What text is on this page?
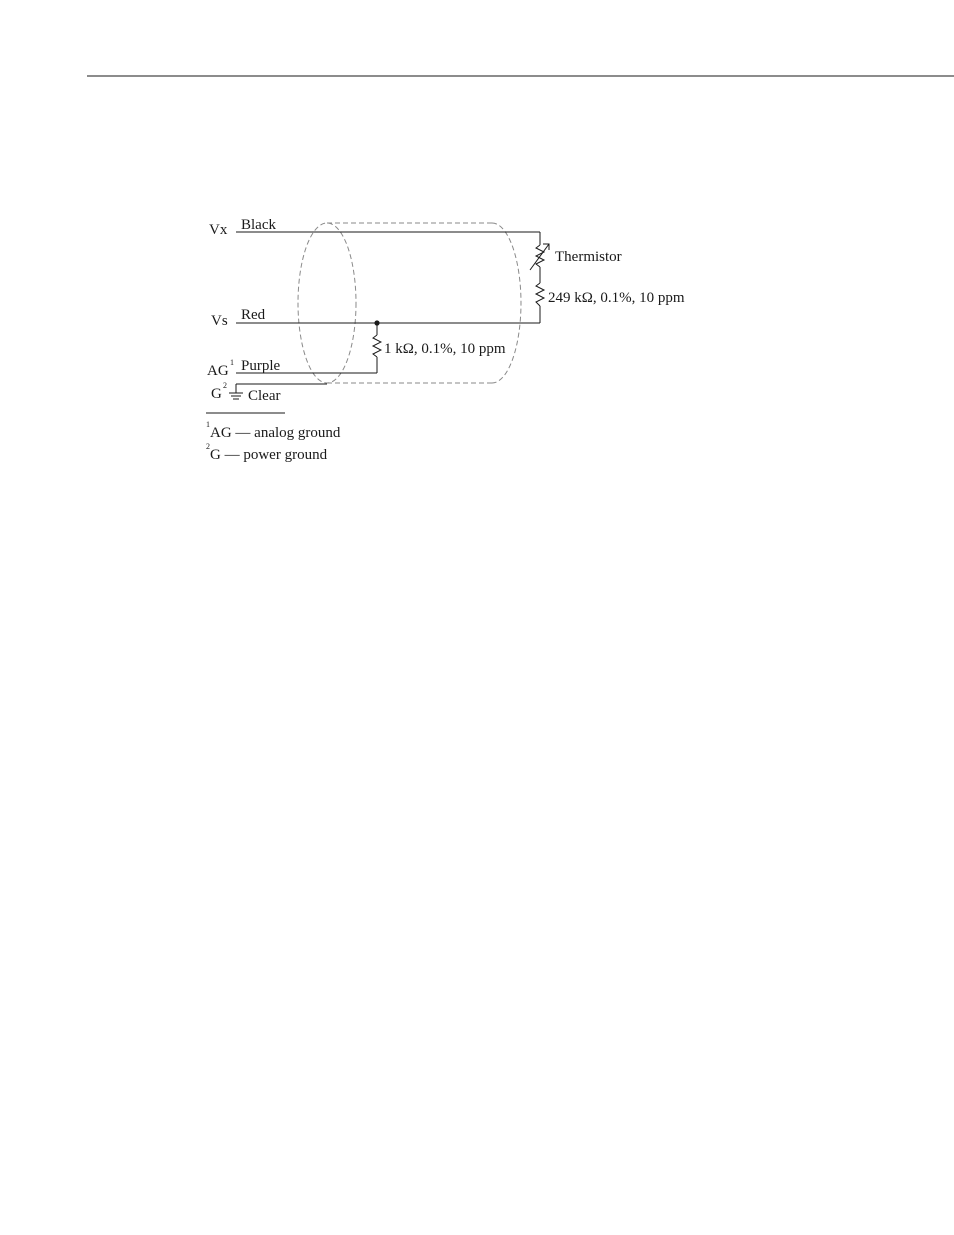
Vx
Vs
AG
1
G
2
Black
Red
Purple
Clear
Thermistor
249 kΩ, 0.1%, 10 ppm
1 kΩ, 0.1%, 10 ppm
1
AG — analog ground
2
G — power ground
